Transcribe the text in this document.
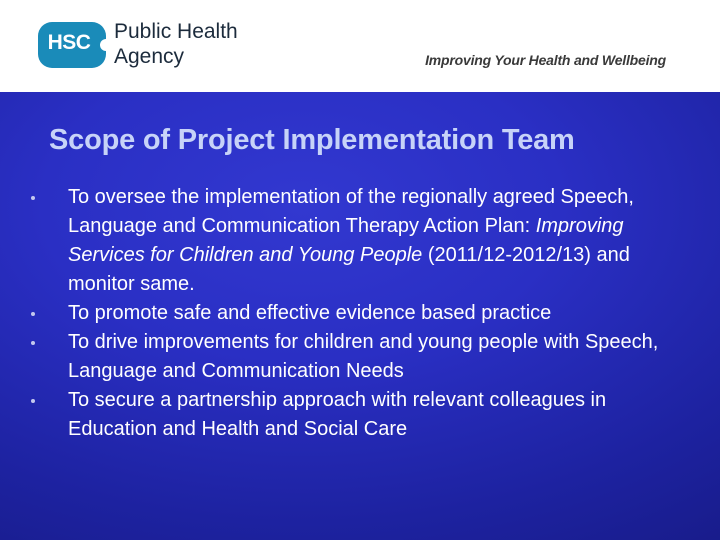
HSC	Public Health
Agency	Improving Your Health and Wellbeing
Scope of Project Implementation Team
To oversee the implementation of the regionally agreed Speech, Language and Communication Therapy Action Plan: Improving Services for Children and Young People (2011/12-2012/13) and monitor same.
To promote safe and effective evidence based practice
To drive improvements for children and young people with Speech, Language and Communication Needs
To secure a partnership approach with relevant colleagues in Education and Health and Social Care
